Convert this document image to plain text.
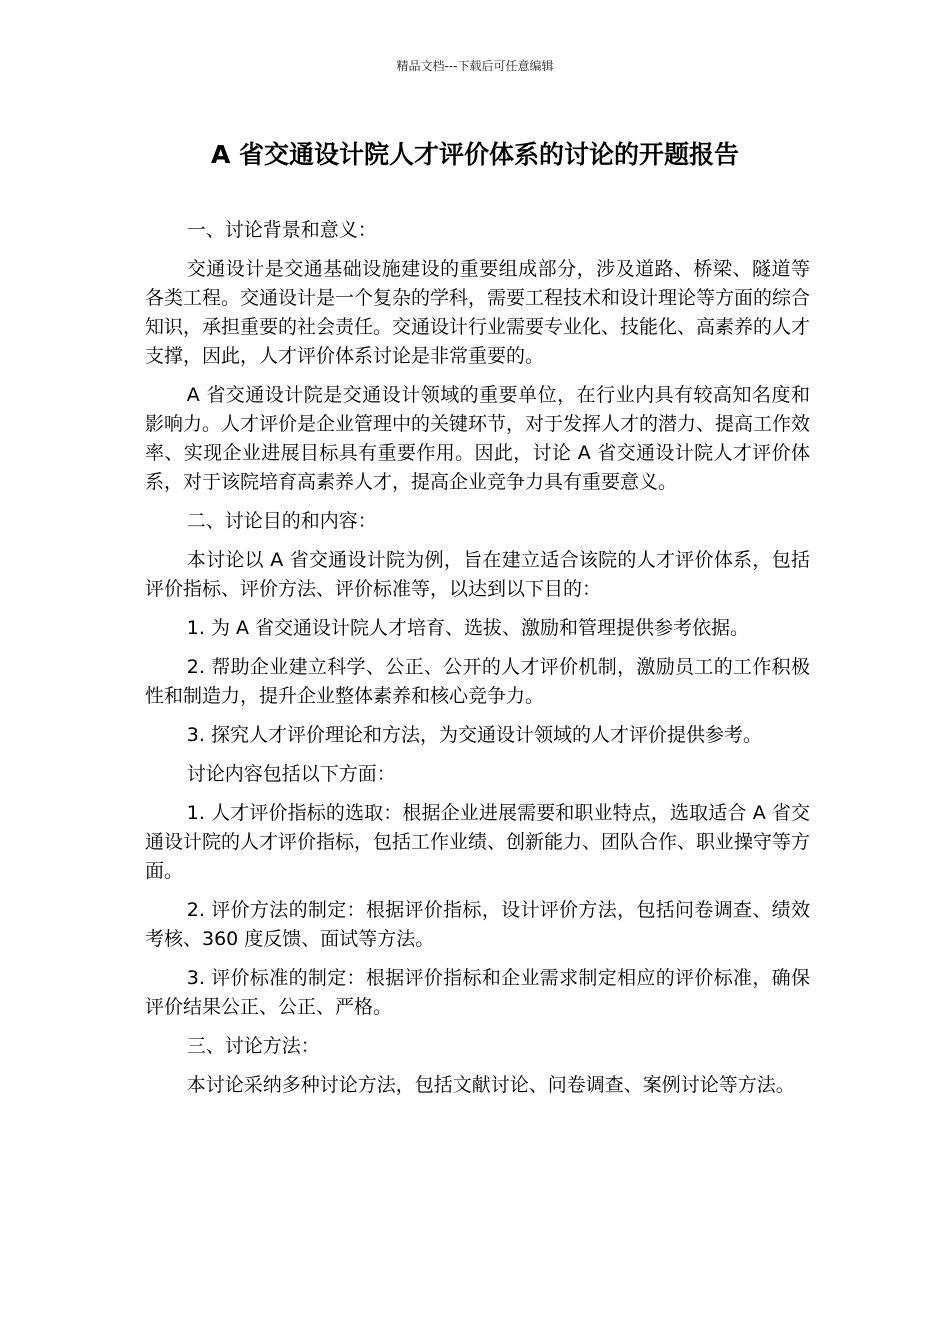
精品文档---下载后可任意编辑
A 省交通设计院人才评价体系的讨论的开题报告

一、讨论背景和意义：

交通设计是交通基础设施建设的重要组成部分，涉及道路、桥梁、隧道等各类工程。交通设计是一个复杂的学科，需要工程技术和设计理论等方面的综合知识，承担重要的社会责任。交通设计行业需要专业化、技能化、高素养的人才支撑，因此，人才评价体系讨论是非常重要的。

A 省交通设计院是交通设计领域的重要单位，在行业内具有较高知名度和影响力。人才评价是企业管理中的关键环节，对于发挥人才的潜力、提高工作效率、实现企业进展目标具有重要作用。因此，讨论 A 省交通设计院人才评价体系，对于该院培育高素养人才，提高企业竞争力具有重要意义。

二、讨论目的和内容：

本讨论以 A 省交通设计院为例，旨在建立适合该院的人才评价体系，包括评价指标、评价方法、评价标准等，以达到以下目的：

1. 为 A 省交通设计院人才培育、选拔、激励和管理提供参考依据。

2. 帮助企业建立科学、公正、公开的人才评价机制，激励员工的工作积极性和制造力，提升企业整体素养和核心竞争力。

3. 探究人才评价理论和方法，为交通设计领域的人才评价提供参考。

讨论内容包括以下方面：

1. 人才评价指标的选取：根据企业进展需要和职业特点，选取适合 A 省交通设计院的人才评价指标，包括工作业绩、创新能力、团队合作、职业操守等方面。

2. 评价方法的制定：根据评价指标，设计评价方法，包括问卷调查、绩效考核、360 度反馈、面试等方法。

3. 评价标准的制定：根据评价指标和企业需求制定相应的评价标准，确保评价结果公正、公正、严格。

三、讨论方法：

本讨论采纳多种讨论方法，包括文献讨论、问卷调查、案例讨论等方法。
